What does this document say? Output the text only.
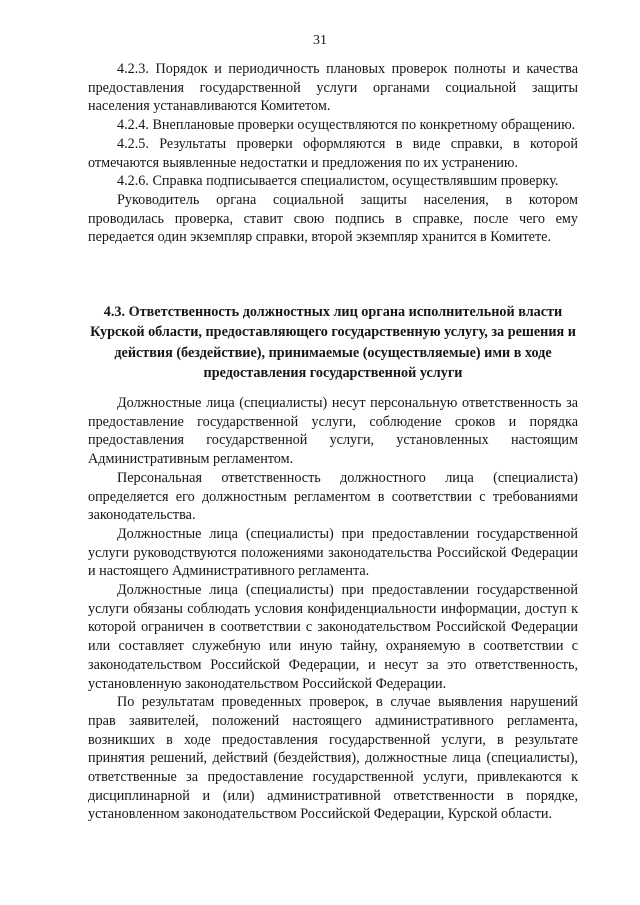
31

4.2.3. Порядок и периодичность плановых проверок полноты и качества предоставления государственной услуги органами социальной защиты населения устанавливаются Комитетом.

4.2.4. Внеплановые проверки осуществляются по конкретному обращению.

4.2.5. Результаты проверки оформляются в виде справки, в которой отмечаются выявленные недостатки и предложения по их устранению.

4.2.6. Справка подписывается специалистом, осуществлявшим проверку.

Руководитель органа социальной защиты населения, в котором проводилась проверка, ставит свою подпись в справке, после чего ему передается один экземпляр справки, второй экземпляр хранится в Комитете.

4.3. Ответственность должностных лиц органа исполнительной власти Курской области, предоставляющего государственную услугу, за решения и действия (бездействие), принимаемые (осуществляемые) ими в ходе предоставления государственной услуги

Должностные лица (специалисты) несут персональную ответственность за предоставление государственной услуги, соблюдение сроков и порядка предоставления государственной услуги, установленных настоящим Административным регламентом.

Персональная ответственность должностного лица (специалиста) определяется его должностным регламентом в соответствии с требованиями законодательства.

Должностные лица (специалисты) при предоставлении государственной услуги руководствуются положениями законодательства Российской Федерации и настоящего Административного регламента.

Должностные лица (специалисты) при предоставлении государственной услуги обязаны соблюдать условия конфиденциальности информации, доступ к которой ограничен в соответствии с законодательством Российской Федерации или составляет служебную или иную тайну, охраняемую в соответствии с законодательством Российской Федерации, и несут за это ответственность, установленную законодательством Российской Федерации.

По результатам проведенных проверок, в случае выявления нарушений прав заявителей, положений настоящего административного регламента, возникших в ходе предоставления государственной услуги, в результате принятия решений, действий (бездействия), должностные лица (специалисты), ответственные за предоставление государственной услуги, привлекаются к дисциплинарной и (или) административной ответственности в порядке, установленном законодательством Российской Федерации, Курской области.
